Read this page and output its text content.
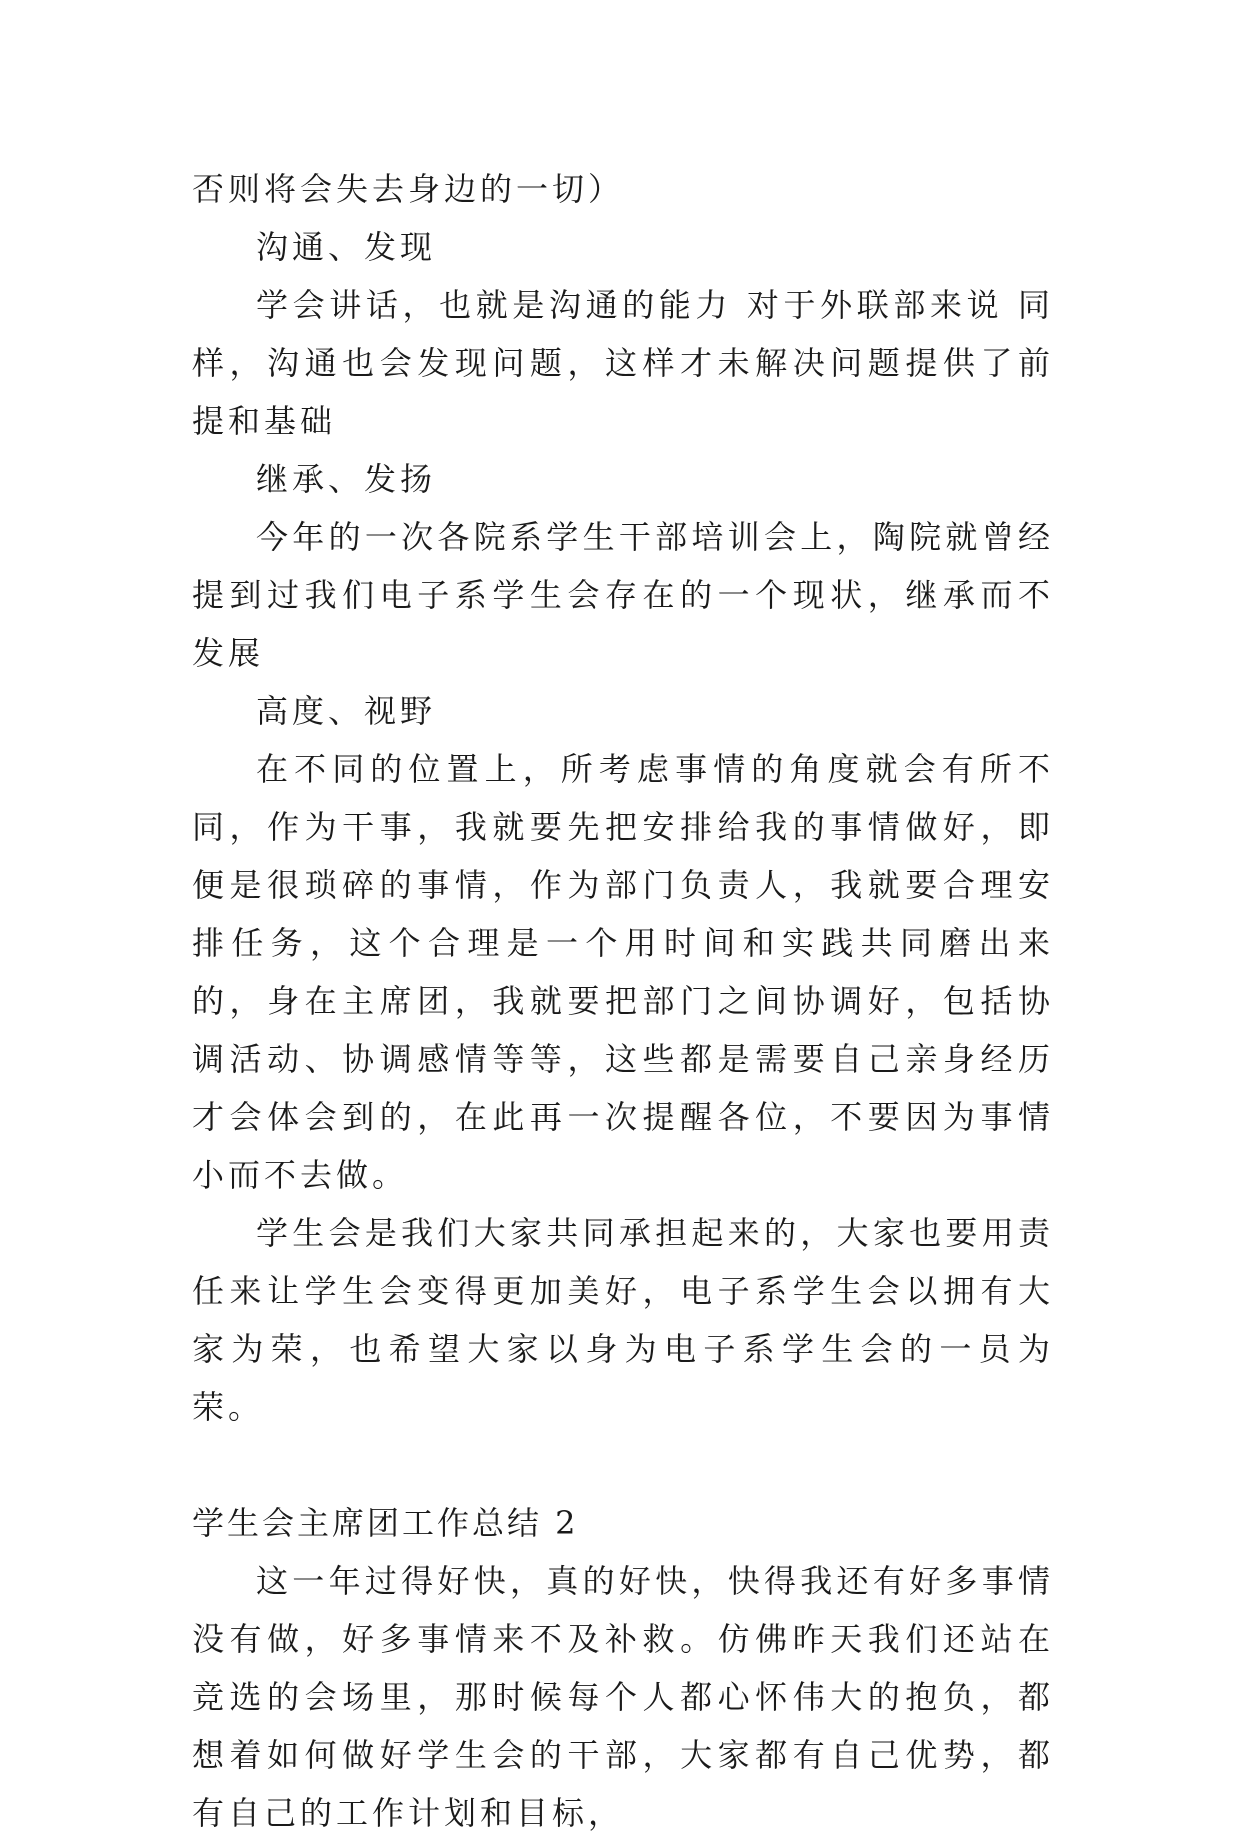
否则将会失去身边的一切）

沟通、发现

学会讲话，也就是沟通的能力 对于外联部来说 同样，沟通也会发现问题，这样才未解决问题提供了前提和基础

继承、发扬

今年的一次各院系学生干部培训会上，陶院就曾经提到过我们电子系学生会存在的一个现状，继承而不发展

高度、视野

在不同的位置上，所考虑事情的角度就会有所不同，作为干事，我就要先把安排给我的事情做好，即便是很琐碎的事情，作为部门负责人，我就要合理安排任务，这个合理是一个用时间和实践共同磨出来的，身在主席团，我就要把部门之间协调好，包括协调活动、协调感情等等，这些都是需要自己亲身经历才会体会到的，在此再一次提醒各位，不要因为事情小而不去做。

学生会是我们大家共同承担起来的，大家也要用责任来让学生会变得更加美好，电子系学生会以拥有大家为荣，也希望大家以身为电子系学生会的一员为荣。

学生会主席团工作总结 2

这一年过得好快，真的好快，快得我还有好多事情没有做，好多事情来不及补救。仿佛昨天我们还站在竞选的会场里，那时候每个人都心怀伟大的抱负，都想着如何做好学生会的干部，大家都有自己优势，都有自己的工作计划和目标，
